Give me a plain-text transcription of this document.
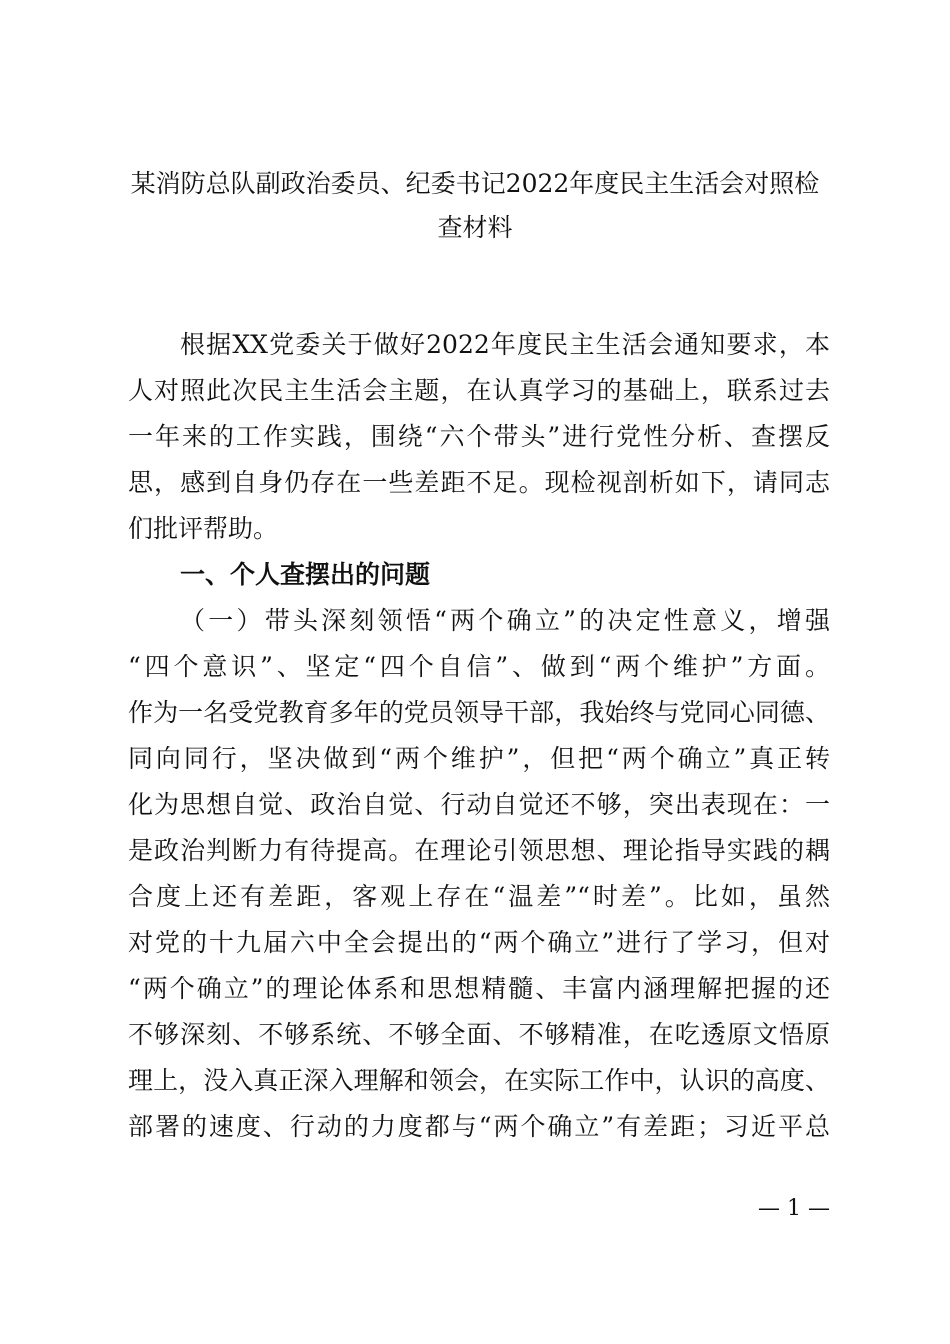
某消防总队副政治委员、纪委书记2022年度民主生活会对照检
查材料
根据XX党委关于做好2022年度民主生活会通知要求，本
人对照此次民主生活会主题，在认真学习的基础上，联系过去
一年来的工作实践，围绕“六个带头”进行党性分析、查摆反
思，感到自身仍存在一些差距不足。现检视剖析如下，请同志
们批评帮助。
一、个人查摆出的问题
（一）带头深刻领悟“两个确立”的决定性意义，增强
“四个意识”、坚定“四个自信”、做到“两个维护”方面。
作为一名受党教育多年的党员领导干部，我始终与党同心同德、
同向同行，坚决做到“两个维护”，但把“两个确立”真正转
化为思想自觉、政治自觉、行动自觉还不够，突出表现在：一
是政治判断力有待提高。在理论引领思想、理论指导实践的耦
合度上还有差距，客观上存在“温差”“时差”。比如，虽然
对党的十九届六中全会提出的“两个确立”进行了学习，但对
“两个确立”的理论体系和思想精髓、丰富内涵理解把握的还
不够深刻、不够系统、不够全面、不够精准，在吃透原文悟原
理上，没入真正深入理解和领会，在实际工作中，认识的高度、
部署的速度、行动的力度都与“两个确立”有差距；习近平总
— 1 —
